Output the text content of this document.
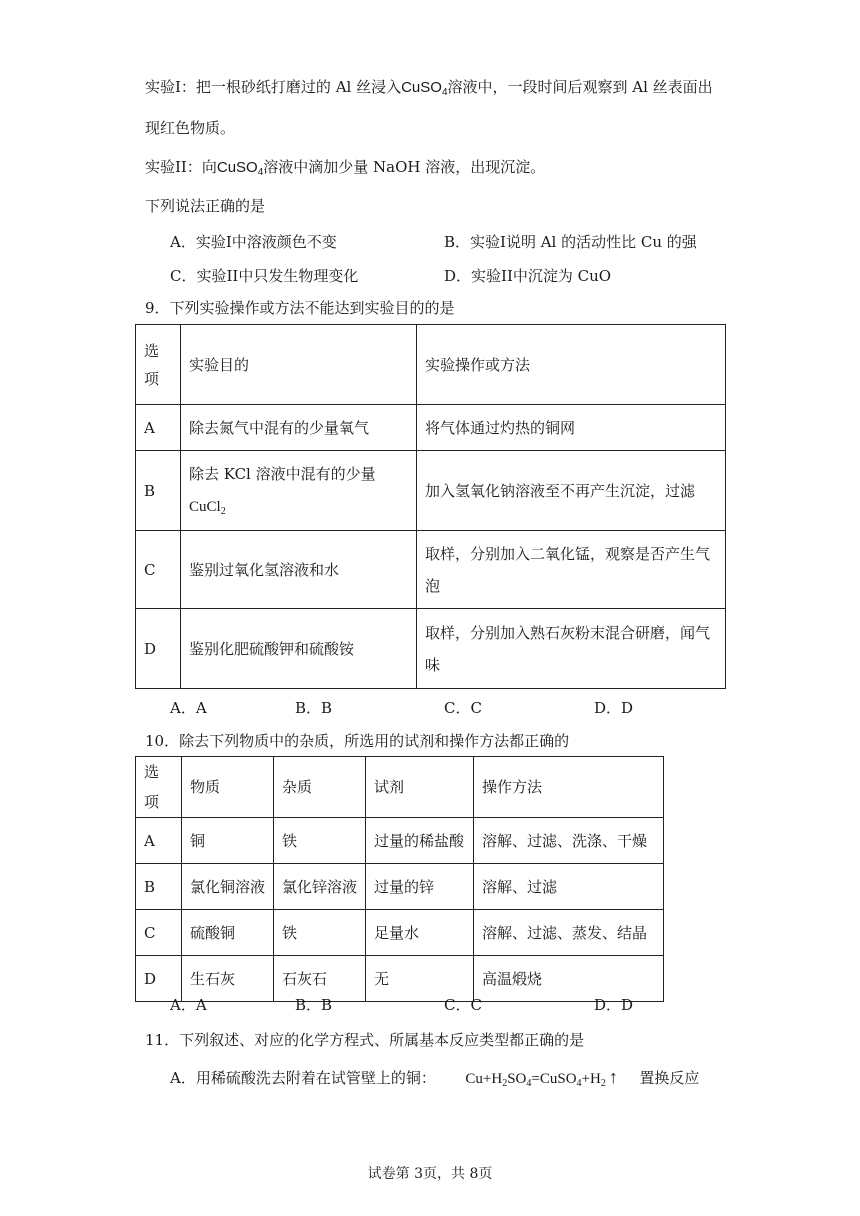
实验I：把一根砂纸打磨过的 Al 丝浸入CuSO$_4$溶液中，一段时间后观察到 Al 丝表面出
现红色物质。
实验II：向CuSO$_4$溶液中滴加少量 NaOH 溶液，出现沉淀。
下列说法正确的是
A．实验I中溶液颜色不变	B．实验I说明 Al 的活动性比 Cu 的强
C．实验II中只发生物理变化	D．实验II中沉淀为 CuO
9．下列实验操作或方法不能达到实验目的的是
选项	实验目的	实验操作或方法
A	除去氮气中混有的少量氧气	将气体通过灼热的铜网
B	除去 KCl 溶液中混有的少量
CuCl$_2$	加入氢氧化钠溶液至不再产生沉淀，过滤
C	鉴别过氧化氢溶液和水	取样，分别加入二氧化锰，观察是否产生气泡

D	鉴别化肥硫酸钾和硫酸铵	取样，分别加入熟石灰粉末混合研磨，闻气味
A．A	B．B	C．C	D．D
10．除去下列物质中的杂质，所选用的试剂和操作方法都正确的
选项	物质	杂质	试剂	操作方法
A	铜	铁	过量的稀盐酸	溶解、过滤、洗涤、干燥
B	氯化铜溶液	氯化锌溶液	过量的锌	溶解、过滤
C	硫酸铜	铁	足量水	溶解、过滤、蒸发、结晶
D	生石灰	石灰石	无	高温煅烧
A．A	B．B	C．C	D．D
11．下列叙述、对应的化学方程式、所属基本反应类型都正确的是
A．用稀硫酸洗去附着在试管壁上的铜： $Cu+H_2SO_4=CuSO_4+H_2$ ↑ 置换反应
试卷第 3页，共 8页
